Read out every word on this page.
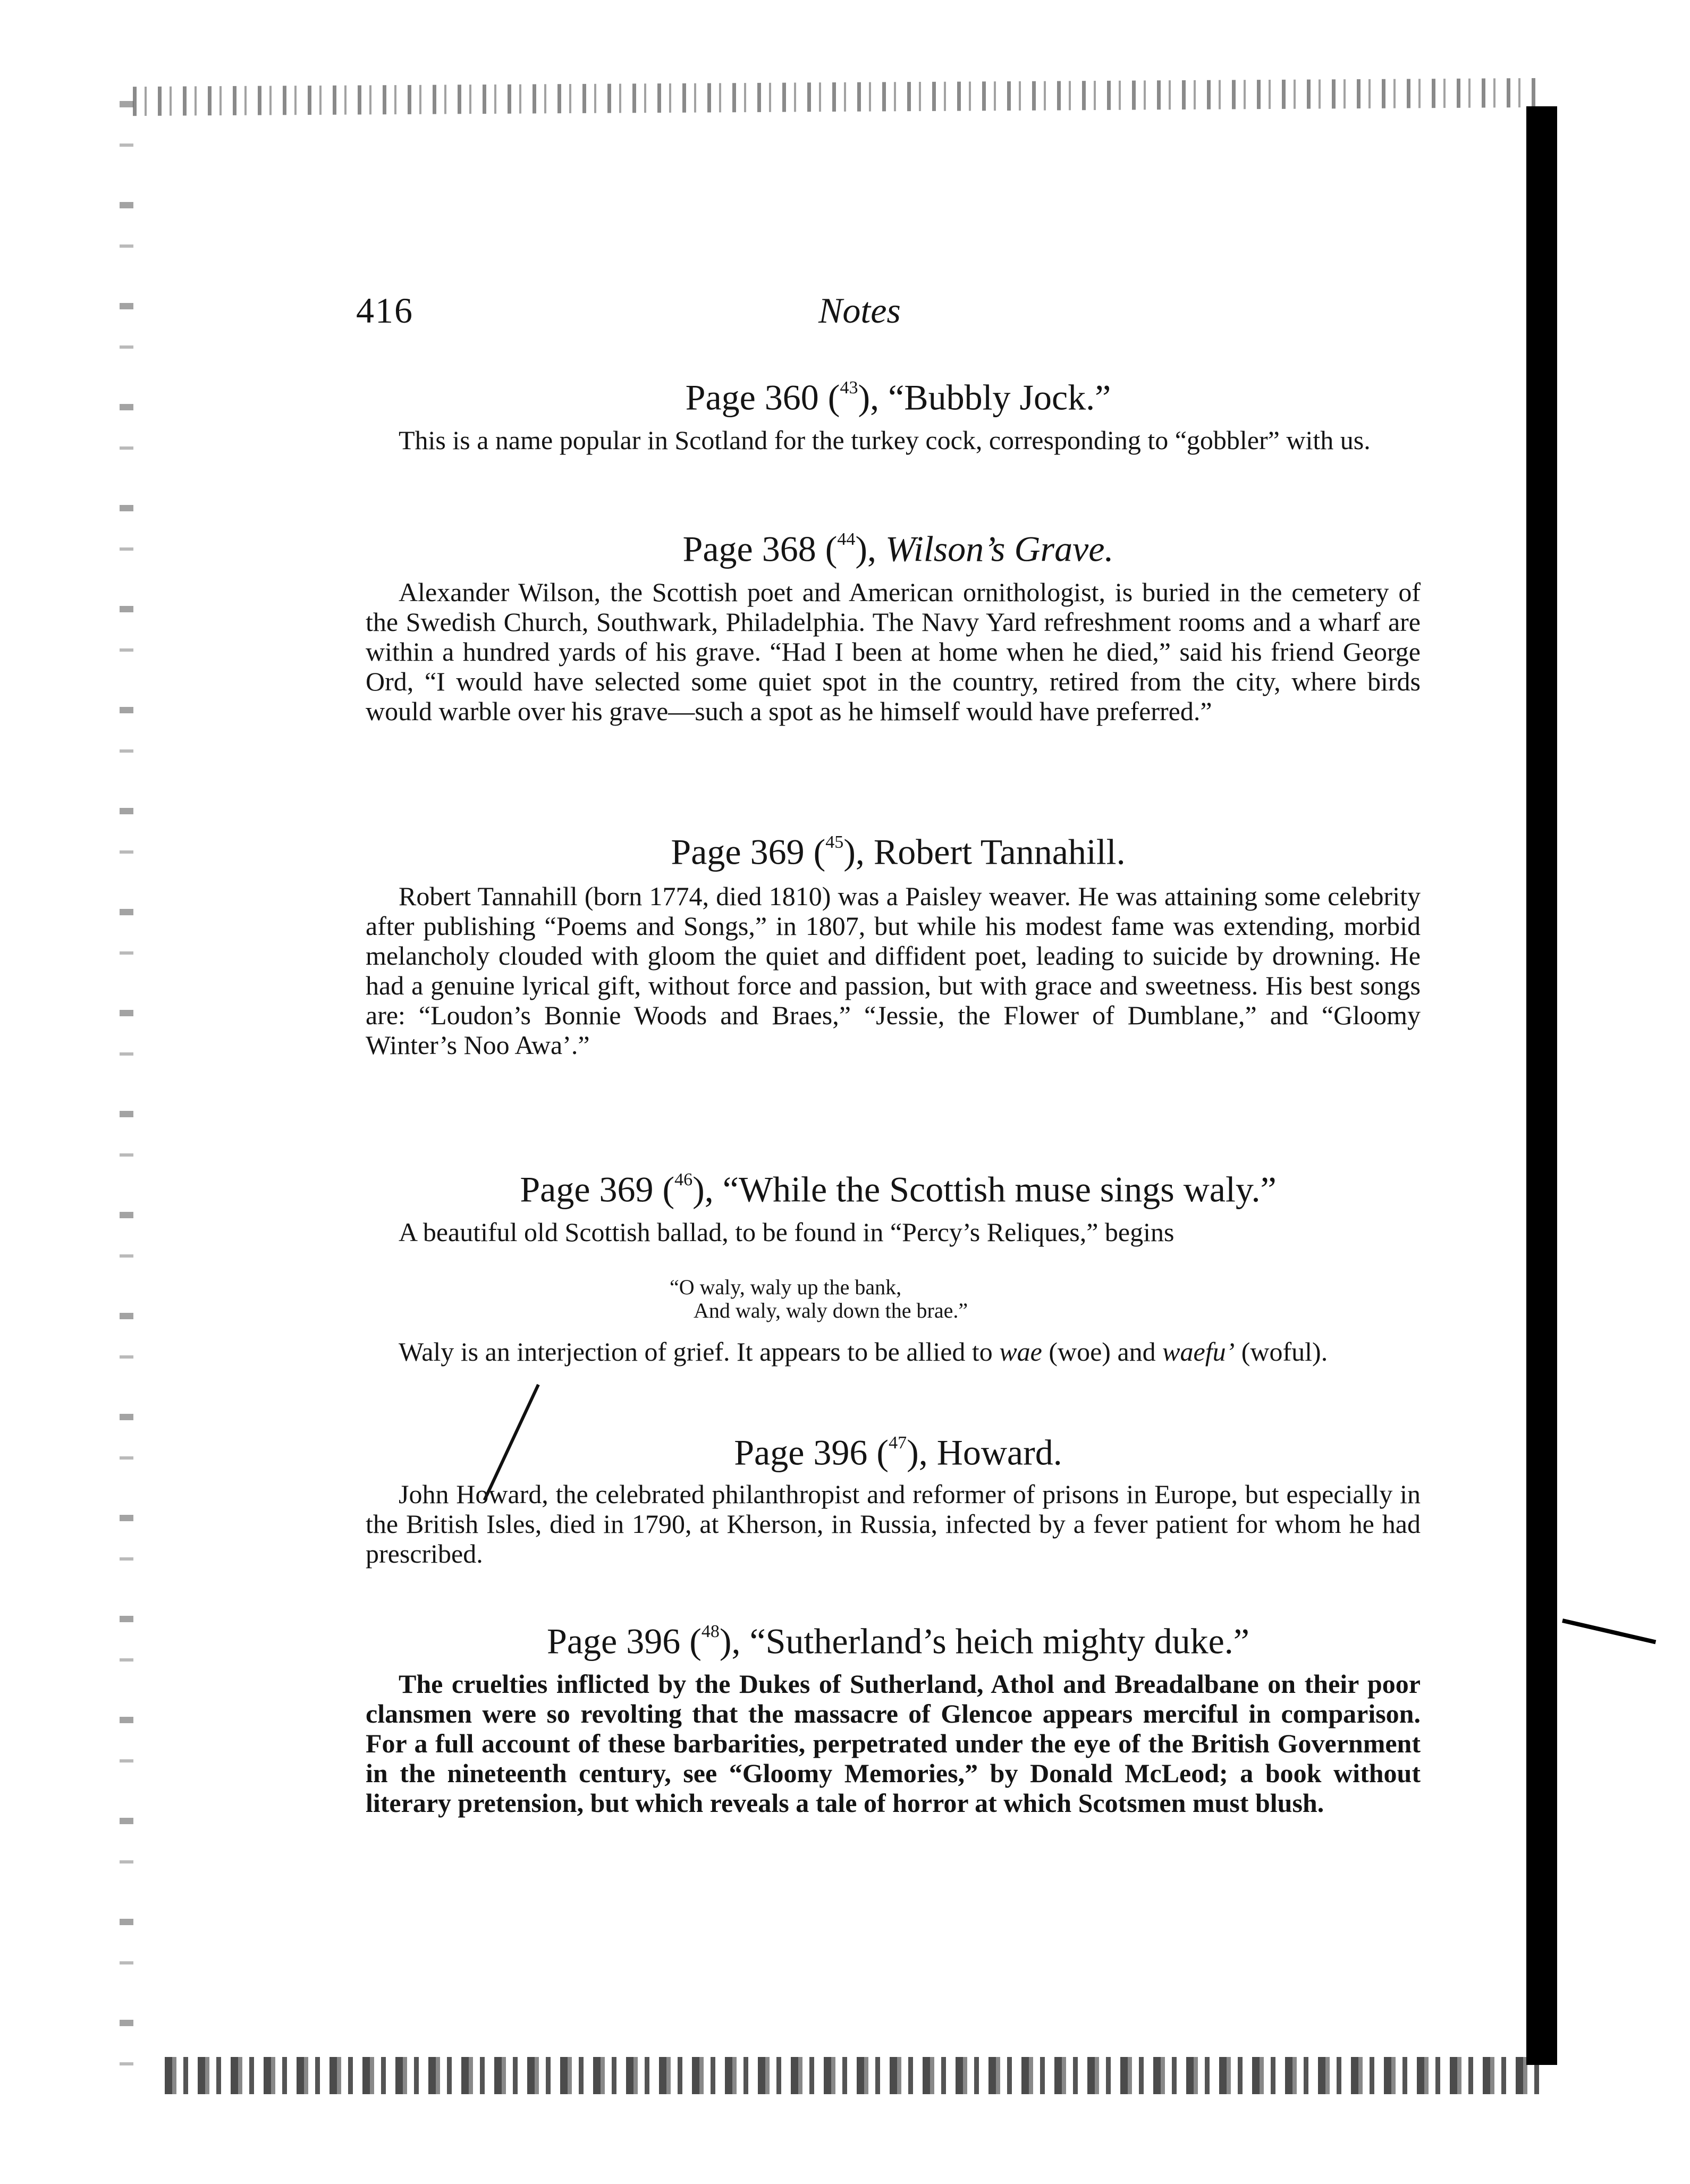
416	Notes
Page 360 ($^{43}$), “Bubbly Jock.”
This is a name popular in Scotland for the turkey cock, corresponding to “gobbler” with us.
Page 368 ($^{44}$), Wilson’s Grave.
Alexander Wilson, the Scottish poet and American ornithologist, is buried in the cemetery of the Swedish Church, Southwark, Philadelphia. The Navy Yard refreshment rooms and a wharf are within a hundred yards of his grave. “Had I been at home when he died,” said his friend George Ord, “I would have selected some quiet spot in the country, retired from the city, where birds would warble over his grave—such a spot as he himself would have preferred.”
Page 369 ($^{45}$), Robert Tannahill.
Robert Tannahill (born 1774, died 1810) was a Paisley weaver. He was attaining some celebrity after publishing “Poems and Songs,” in 1807, but while his modest fame was extending, morbid melancholy clouded with gloom the quiet and diffident poet, leading to suicide by drowning. He had a genuine lyrical gift, without force and passion, but with grace and sweetness. His best songs are: “Loudon’s Bonnie Woods and Braes,” “Jessie, the Flower of Dumblane,” and “Gloomy Winter’s Noo Awa’.”
Page 369 ($^{46}$), “While the Scottish muse sings waly.”
A beautiful old Scottish ballad, to be found in “Percy’s Reliques,” begins
“O waly, waly up the bank,
And waly, waly down the brae.”
Waly is an interjection of grief. It appears to be allied to wae (woe) and waefu’ (woful).
Page 396 ($^{47}$), Howard.
John Howard, the celebrated philanthropist and reformer of prisons in Europe, but especially in the British Isles, died in 1790, at Kherson, in Russia, infected by a fever patient for whom he had prescribed.
Page 396 ($^{48}$), “Sutherland’s heich mighty duke.”
The cruelties inflicted by the Dukes of Sutherland, Athol and Breadalbane on their poor clansmen were so revolting that the massacre of Glencoe appears merciful in comparison. For a full account of these barbarities, perpetrated under the eye of the British Government in the nineteenth century, see “Gloomy Memories,” by Donald McLeod; a book without literary pretension, but which reveals a tale of horror at which Scotsmen must blush.
